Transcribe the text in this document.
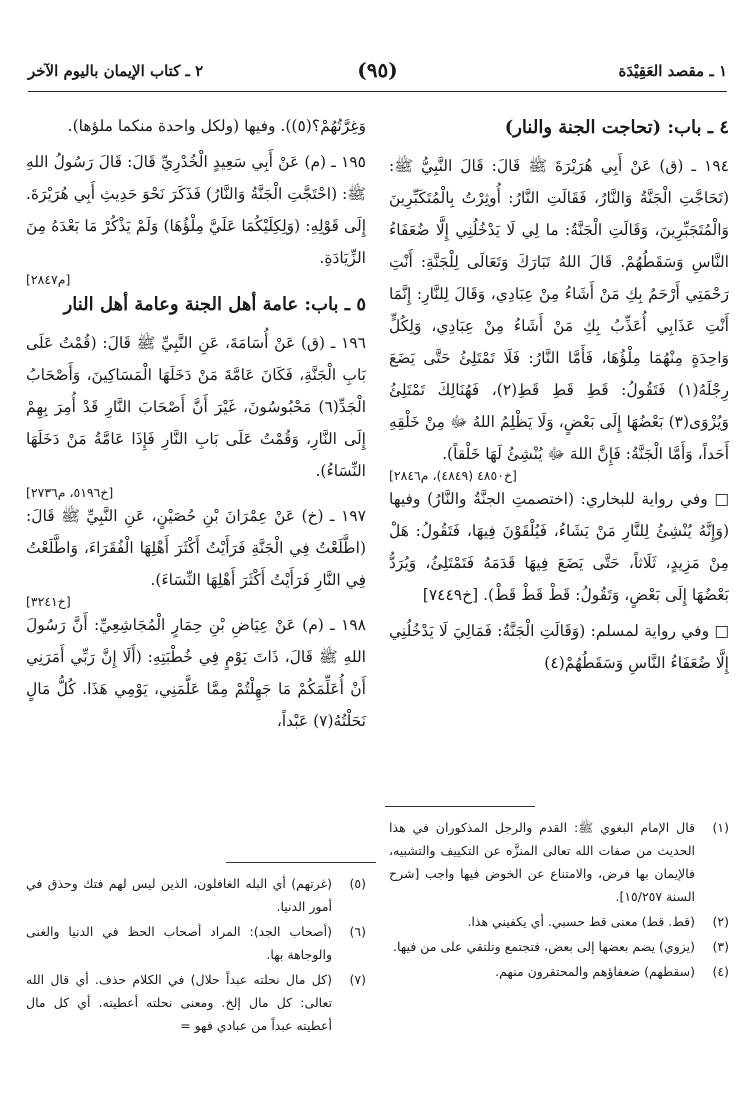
١ ـ مقصد العَقِيْدَة
(٩٥)
٢ ـ كتاب الإيمان باليوم الآخر
٤ ـ باب: (تحاجت الجنة والنار)

١٩٤ ـ (ق) عَنْ أَبِي هُرَيْرَةَ ﷺ قَالَ: قَالَ النَّبِيُّ ﷺ: (تَحَاجَّتِ الْجَنَّةُ وَالنَّارُ، فَقَالَتِ النَّارُ: أُوثِرْتُ بِالْمُتَكَبِّرِينَ وَالْمُتَجَبِّرِينَ، وَقَالَتِ الْجَنَّةُ: ما لِي لَا يَدْخُلُنِي إِلَّا ضُعَفَاءُ النَّاسِ وَسَقَطُهُمْ. قَالَ اللهُ تَبَارَكَ وَتَعَالَى لِلْجَنَّةِ: أَنْتِ رَحْمَتِي أَرْحَمُ بِكِ مَنْ أَشَاءُ مِنْ عِبَادِي، وَقَالَ لِلنَّارِ: إِنَّمَا أَنْتِ عَذَابِي أُعَذِّبُ بِكِ مَنْ أَشَاءُ مِنْ عِبَادِي، وَلِكُلٍّ وَاحِدَةٍ مِنْهُمَا مِلْؤُهَا، فَأَمَّا النَّارُ: فَلَا تَمْتَلِئُ حَتَّى يَضَعَ رِجْلَهُ(١) فَتَقُولُ: قَطِ قَطِ قَطِ(٢)، فَهُنَالِكَ تَمْتَلِئُ وَيُزْوَى(٣) بَعْضُهَا إِلَى بَعْضٍ، وَلَا يَظْلِمُ اللهُ ﷻ مِنْ خَلْقِهِ أَحَداً، وَأَمَّا الْجَنَّةُ: فَإِنَّ اللهَ ﷻ يُنْشِئُ لَهَا خَلْقاً).

[خ٤٨٥٠ (٤٨٤٩)، م٢٨٤٦]

□ وفي رواية للبخاري: (اختصمتِ الجنَّةُ والنَّارُ) وفيها (وَإِنَّهُ يُنْشِئُ لِلنَّارِ مَنْ يَشَاءُ، فَيُلْقَوْنَ فِيهَا، فَتَقُولُ: هَلْ مِنْ مَزِيدٍ، ثَلَاثاً، حَتَّى يَضَعَ فِيهَا قَدَمَهُ فَتَمْتَلِئُ، وَيُرَدُّ بَعْضُهَا إِلَى بَعْضٍ، وَتَقُولُ: قَطْ قَطْ قَطْ). [خ٧٤٤٩]

□ وفي رواية لمسلم: (وَقَالَتِ الْجَنَّةُ: فَمَالِيَ لَا يَدْخُلُنِي إِلَّا ضُعَفَاءُ النَّاسِ وَسَقَطُهُمْ(٤)

وَغِرَّتُهُمْ؟(٥)). وفيها (ولكل واحدة منكما ملؤها).

١٩٥ ـ (م) عَنْ أَبِي سَعِيدٍ الْخُدْرِيِّ قَالَ: قَالَ رَسُولُ اللهِ ﷺ: (احْتَجَّتِ الْجَنَّةُ وَالنَّارُ) فَذَكَرَ نَحْوَ حَدِيثِ أَبِي هُرَيْرَةَ. إِلَى قَوْلِهِ: (وَلِكِلَيْكُمَا عَلَيَّ مِلْؤُهَا) وَلَمْ يَذْكُرْ مَا بَعْدَهُ مِنَ الزِّيَادَةِ.

[م٢٨٤٧]
٥ ـ باب: عامة أهل الجنة وعامة أهل النار

١٩٦ ـ (ق) عَنْ أُسَامَةَ، عَنِ النَّبِيِّ ﷺ قَالَ: (قُمْتُ عَلَى بَابِ الْجَنَّةِ، فَكَانَ عَامَّةَ مَنْ دَخَلَهَا الْمَسَاكِينَ، وَأَصْحَابُ الْجَدِّ(٦) مَحْبُوسُونَ، غَيْرَ أَنَّ أَصْحَابَ النَّارِ قَدْ أُمِرَ بِهِمْ إِلَى النَّارِ، وَقُمْتُ عَلَى بَابِ النَّارِ فَإِذَا عَامَّةُ مَنْ دَخَلَهَا النِّسَاءُ).

[خ٥١٩٦، م٢٧٣٦]

١٩٧ ـ (خ) عَنْ عِمْرَانَ بْنِ حُصَيْنٍ، عَنِ النَّبِيِّ ﷺ قَالَ: (اطَّلَعْتُ فِي الْجَنَّةِ فَرَأَيْتُ أَكْثَرَ أَهْلِهَا الْفُقَرَاءَ، وَاطَّلَعْتُ فِي النَّارِ فَرَأَيْتُ أَكْثَرَ أَهْلِهَا النِّسَاءَ).

[خ٣٢٤١]

١٩٨ ـ (م) عَنْ عِيَاضِ بْنِ حِمَارٍ الْمُجَاشِعِيِّ: أَنَّ رَسُولَ اللهِ ﷺ قَالَ، ذَاتَ يَوْمٍ فِي خُطْبَتِهِ: (أَلَا إِنَّ رَبِّي أَمَرَنِي أَنْ أُعَلِّمَكُمْ مَا جَهِلْتُمْ مِمَّا عَلَّمَنِي، يَوْمِي هَذَا. كُلُّ مَالٍ نَحَلْتُهُ(٧) عَبْداً،

(١)
قال الإمام البغوي ﷺ: القدم والرجل المذكوران في هذا الحديث من صفات الله تعالى المنزَّه عن التكييف والتشبيه، فالإيمان بها فرض، والامتناع عن الخوض فيها واجب [شرح السنة ١٥/٢٥٧].
(٢)
(قط. قط) معنى قط حسبي. أي يكفيني هذا.
(٣)
(يزوي) يضم بعضها إلى بعض، فتجتمع وتلتقي على من فيها.
(٤)
(سقطهم) ضعفاؤهم والمحتقرون منهم.
(٥)
(غرتهم) أي البله الغافلون، الذين ليس لهم فتك وحذق في أمور الدنيا.
(٦)
(أصحاب الجد): المراد أصحاب الحظ في الدنيا والغنى والوجاهة بها.
(٧)
(كل مال نحلته عبداً حلال) في الكلام حذف. أي قال الله تعالى: كل مال إلخ. ومعنى نحلته أعطيته. أي كل مال أعطيته عبداً من عبادي فهو =
